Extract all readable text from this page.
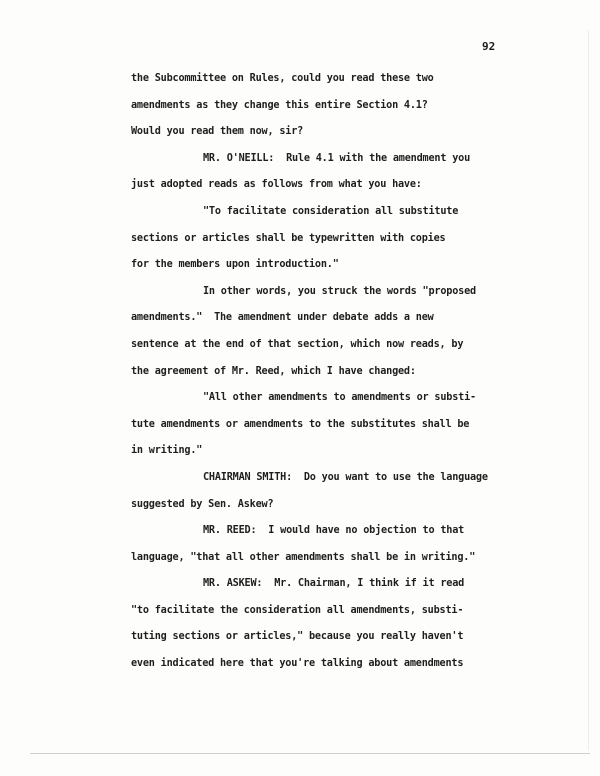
92
the Subcommittee on Rules, could you read these two
amendments as they change this entire Section 4.1?
Would you read them now, sir?
MR. O'NEILL:  Rule 4.1 with the amendment you
just adopted reads as follows from what you have:
"To facilitate consideration all substitute
sections or articles shall be typewritten with copies
for the members upon introduction."
In other words, you struck the words "proposed
amendments."  The amendment under debate adds a new
sentence at the end of that section, which now reads, by
the agreement of Mr. Reed, which I have changed:
"All other amendments to amendments or substi-
tute amendments or amendments to the substitutes shall be
in writing."
CHAIRMAN SMITH:  Do you want to use the language
suggested by Sen. Askew?
MR. REED:  I would have no objection to that
language, "that all other amendments shall be in writing."
MR. ASKEW:  Mr. Chairman, I think if it read
"to facilitate the consideration all amendments, substi-
tuting sections or articles," because you really haven't
even indicated here that you're talking about amendments
